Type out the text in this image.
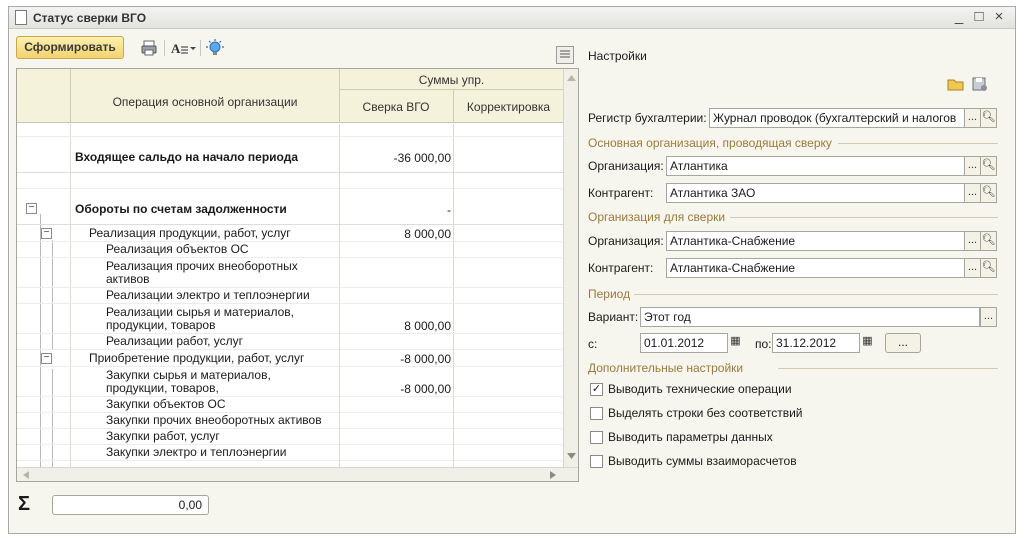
Статус сверки ВГО	_ □ ×
Сформировать	A
Операция основной организации
Суммы упр.
Сверка ВГО	Корректировка
Входящее сальдо на начало периода	-36 000,00
−	Обороты по счетам задолженности	-
−	Реализация продукции, работ, услуг	8 000,00
Реализация объектов ОС
Реализация прочих внеоборотных активов
Реализации электро и теплоэнергии
Реализации сырья и материалов, продукции, товаров	8 000,00
Реализации работ, услуг
−	Приобретение продукции, работ, услуг	-8 000,00
Закупки сырья и материалов, продукции, товаров,	-8 000,00
Закупки объектов ОС
Закупки прочих внеоборотных активов
Закупки работ, услуг
Закупки электро и теплоэнергии
Σ	0,00
Настройки
Регистр бухгалтерии: Журнал проводок (бухгалтерский и налогов	... 🔍︎
Основная организация, проводящая сверку
Организация: Атлантика	... 🔍︎
Контрагент:	Атлантика ЗАО	... 🔍︎
Организация для сверки
Организация: Атлантика-Снабжение	... 🔍︎
Контрагент:	Атлантика-Снабжение	... 🔍︎
Период
Вариант: Этот год	...
с:	01.01.2012	▦ по: 31.12.2012	▦	...
Дополнительные настройки
✓ Выводить технические операции
Выделять строки без соответствий
Выводить параметры данных
Выводить суммы взаиморасчетов
